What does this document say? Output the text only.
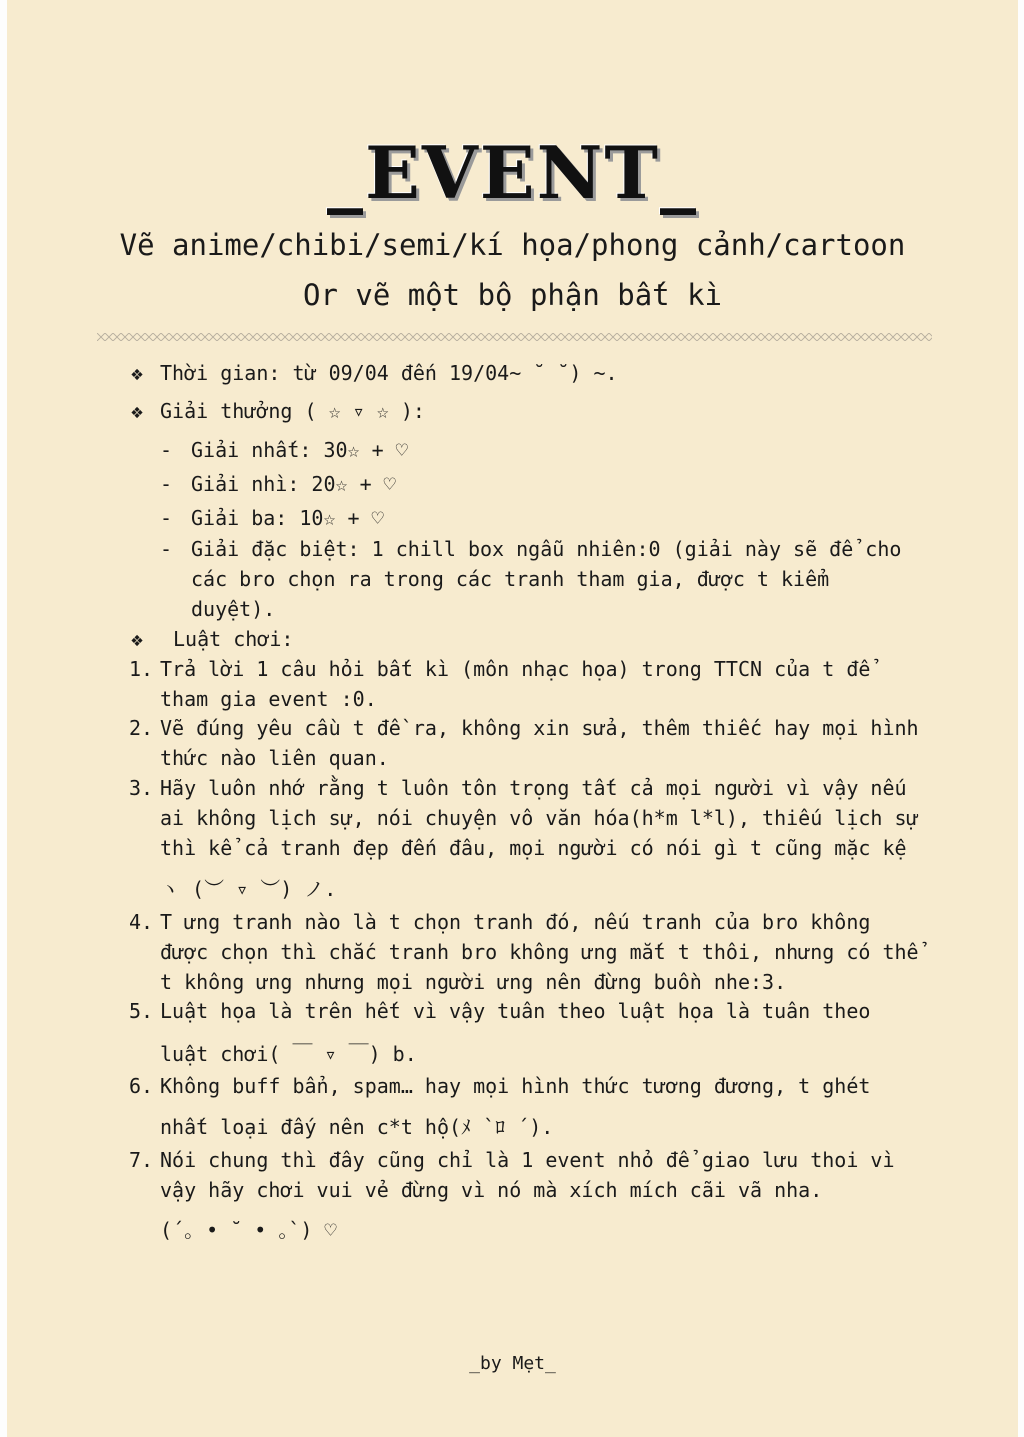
_EVENT_
Vẽ anime/chibi/semi/kí họa/phong cảnh/cartoon
Or vẽ một bộ phận bất kì
❖ Thời gian: từ 09/04 đến 19/04~ ˘ ˘) ~.
❖ Giải thưởng ( ☆ ▿ ☆ ):
- Giải nhất: 30☆ + ♡
- Giải nhì: 20☆ + ♡
- Giải ba: 10☆ + ♡
- Giải đặc biệt: 1 chill box ngẫu nhiên:0 (giải này sẽ để cho
các bro chọn ra trong các tranh tham gia, được t kiểm
duyệt).
❖ Luật chơi:
1. Trả lời 1 câu hỏi bất kì (môn nhạc họa) trong TTCN của t để
tham gia event :0.
2. Vẽ đúng yêu cầu t đề ra, không xin sửa, thêm thiếc hay mọi hình
thức nào liên quan.
3. Hãy luôn nhớ rằng t luôn tôn trọng tất cả mọi người vì vậy nếu
ai không lịch sự, nói chuyện vô văn hóa(h*m l*l), thiếu lịch sự
thì kể cả tranh đẹp đến đâu, mọi người có nói gì t cũng mặc kệ
ヽ (︶ ▿ ︶) ノ.
4. T ưng tranh nào là t chọn tranh đó, nếu tranh của bro không
được chọn thì chắc tranh bro không ưng mắt t thôi, nhưng có thể
t không ưng nhưng mọi người ưng nên đừng buồn nhe:3.
5. Luật họa là trên hết vì vậy tuân theo luật họa là tuân theo
luật chơi( ￣ ▿ ￣) b.
6. Không buff bẩn, spam… hay mọi hình thức tương đương, t ghét
nhất loại đấy nên c*t hộ(ﾒ `ﾛ ´).
7. Nói chung thì đây cũng chỉ là 1 event nhỏ để giao lưu thoi vì
vậy hãy chơi vui vẻ đừng vì nó mà xích mích cãi vã nha.
(´｡ • ˘ • ｡`) ♡
_by Mẹt_
